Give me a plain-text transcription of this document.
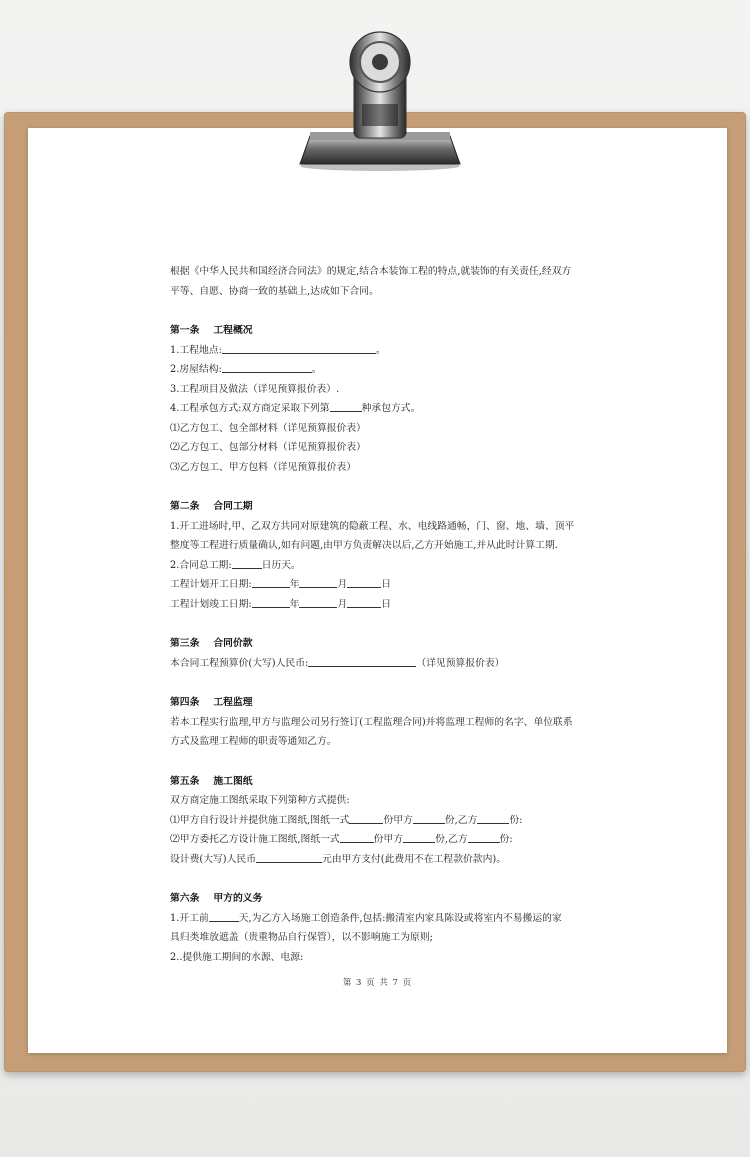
根据《中华人民共和国经济合同法》的规定,结合本装饰工程的特点,就装饰的有关责任,经双方

平等、自愿、协商一致的基础上,达成如下合同。

第一条 工程概况

1.工程地点:	。

2.房屋结构:	。

3.工程项目及做法（详见预算报价表）.

4.工程承包方式:双方商定采取下列第	种承包方式。

⑴乙方包工、包全部材料（详见预算报价表）

⑵乙方包工、包部分材料（详见预算报价表）

⑶乙方包工、甲方包料（详见预算报价表）

第二条 合同工期

1.开工进场时,甲、乙双方共同对原建筑的隐蔽工程、水、电线路通畅，门、窗、地、墙、顶平

整度等工程进行质量确认,如有问题,由甲方负责解决以后,乙方开始施工,并从此时计算工期.

2.合同总工期:	日历天。

工程计划开工日期:	年	月	日

工程计划竣工日期:	年	月	日

第三条 合同价款

本合同工程预算价(大写)人民币:	（详见预算报价表）

第四条 工程监理

若本工程实行监理,甲方与监理公司另行签订(工程监理合同)并将监理工程师的名字、单位联系

方式及监理工程师的职责等通知乙方。

第五条 施工图纸

双方商定施工图纸采取下列第种方式提供:

⑴甲方自行设计并提供施工图纸,图纸一式	份甲方	份,乙方	份:

⑵甲方委托乙方设计施工图纸,图纸一式	份甲方	份,乙方	份:

设计费(大写)人民币	元由甲方支付(此费用不在工程款价款内)。

第六条 甲方的义务

1.开工前	天,为乙方入场施工创造条件,包括:搬清室内家具陈设或将室内不易搬运的家

具归类堆放遮盖（贵重物品自行保管），以不影响施工为原则;

2..提供施工期间的水源、电源:

第 3 页 共 7 页
